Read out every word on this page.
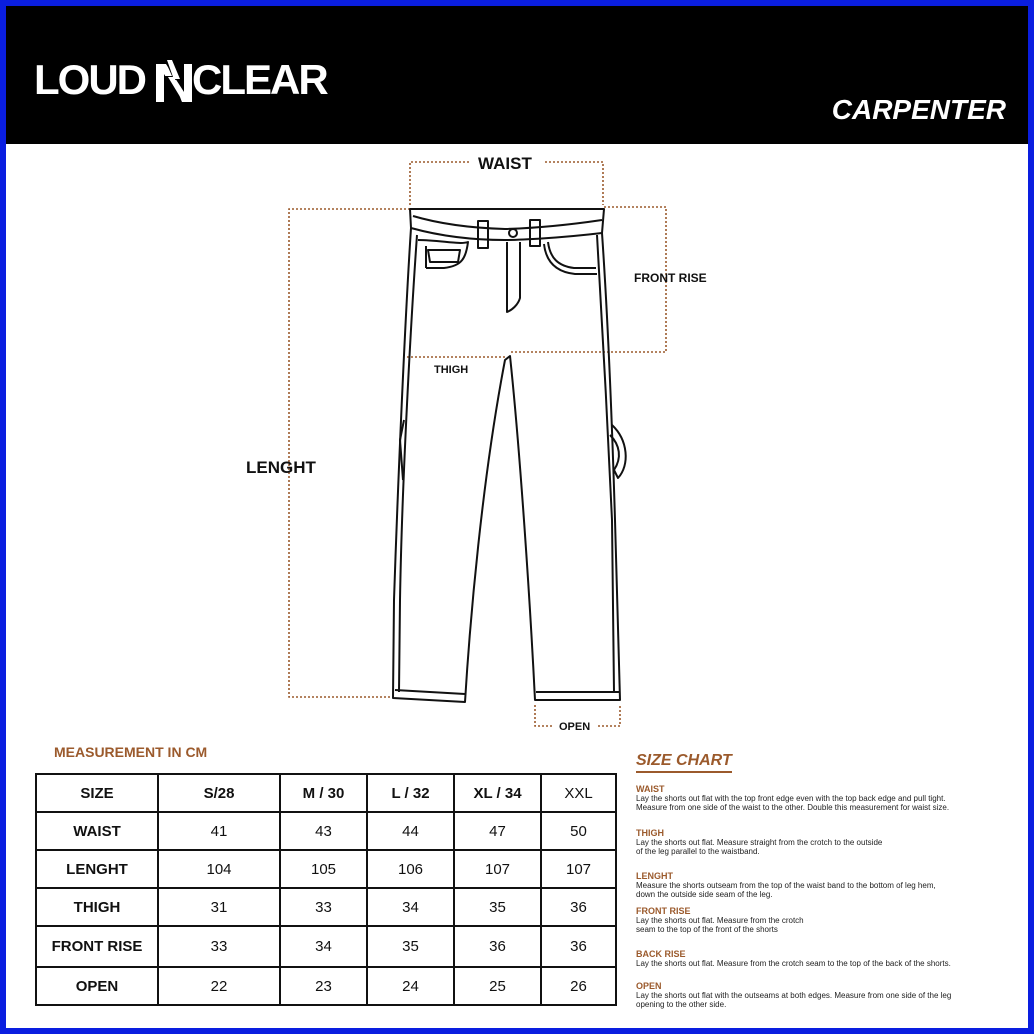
LOUD CLEAR
CARPENTER
WAIST
FRONT RISE
THIGH
LENGHT
OPEN
MEASUREMENT IN CM
SIZE	S/28	M / 30	L / 32	XL / 34	XXL
WAIST	41	43	44	47	50
LENGHT	104	105	106	107	107
THIGH	31	33	34	35	36
FRONT RISE	33	34	35	36	36
OPEN	22	23	24	25	26
SIZE CHART
WAIST
Lay the shorts out flat with the top front edge even with the top back edge and pull tight.
Measure from one side of the waist to the other. Double this measurement for waist size.
THIGH
Lay the shorts out flat. Measure straight from the crotch to the outside
of the leg parallel to the waistband.
LENGHT
Measure the shorts outseam from the top of the waist band to the bottom of leg hem,
down the outside side seam of the leg.
FRONT RISE
Lay the shorts out flat. Measure from the crotch
seam to the top of the front of the shorts
BACK RISE
Lay the shorts out flat. Measure from the crotch seam to the top of the back of the shorts.
OPEN
Lay the shorts out flat with the outseams at both edges. Measure from one side of the leg
opening to the other side.
